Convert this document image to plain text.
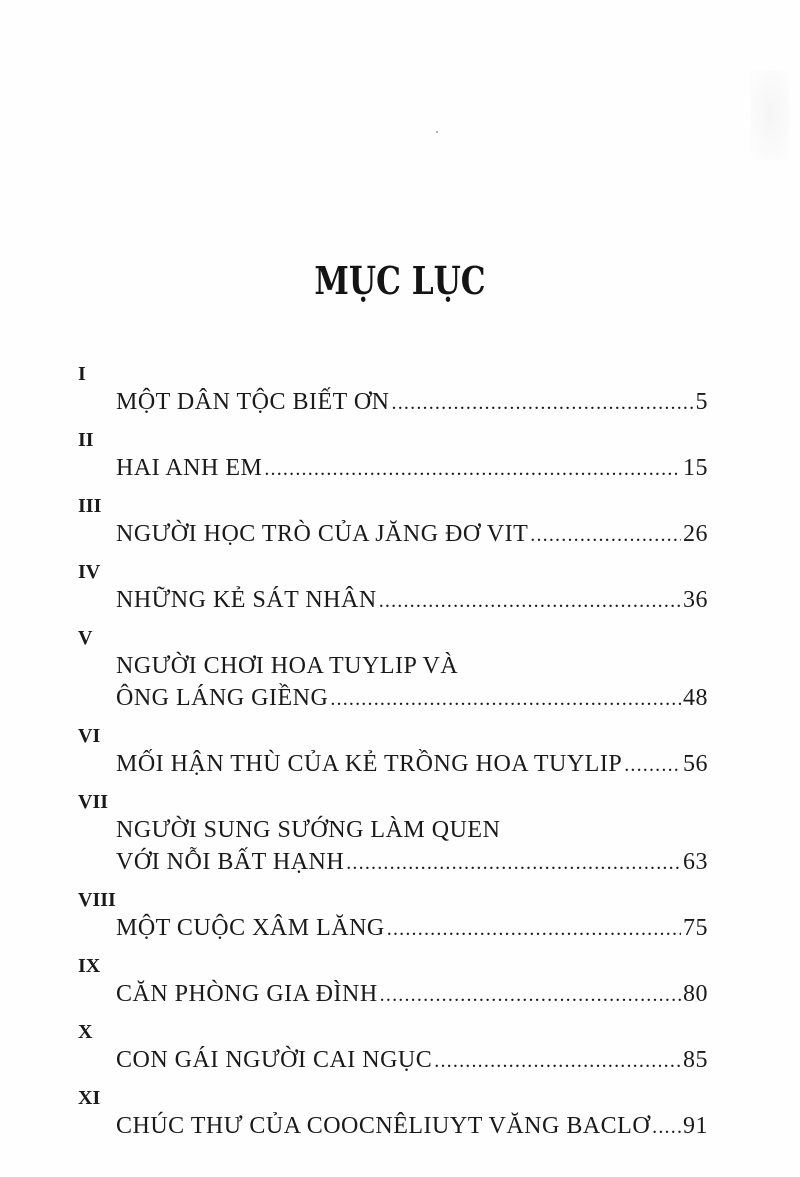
MỤC LỤC
I
MỘT DÂN TỘC BIẾT ƠN .....	5
II
HAI ANH EM .....	15
III
NGƯỜI HỌC TRÒ CỦA JĂNG ĐƠ VIT .....	26
IV
NHỮNG KẺ SÁT NHÂN .....	36
V
NGƯỜI CHƠI HOA TUYLIP VÀ
ÔNG LÁNG GIỀNG .....	48
VI
MỐI HẬN THÙ CỦA KẺ TRỒNG HOA TUYLIP .....	56
VII
NGƯỜI SUNG SƯỚNG LÀM QUEN
VỚI NỖI BẤT HẠNH .....	63
VIII
MỘT CUỘC XÂM LĂNG .....	75
IX
CĂN PHÒNG GIA ĐÌNH .....	80
X
CON GÁI NGƯỜI CAI NGỤC .....	85
XI
CHÚC THƯ CỦA COOCNÊLIUYT VĂNG BACLƠ ..... 91
